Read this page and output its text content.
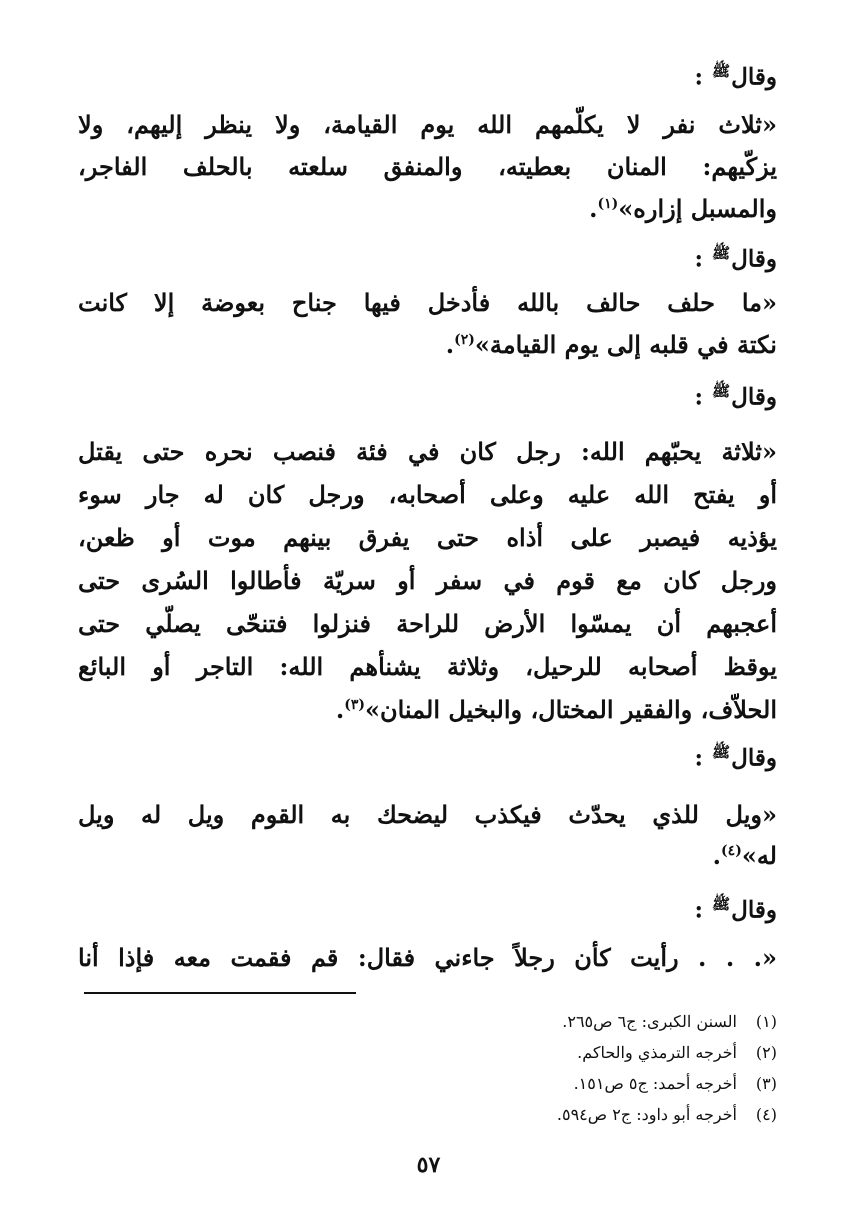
وقالﷺ :
«ثلاث نفر لا يكلّمهم الله يوم القيامة، ولا ينظر إليهم، ولا
يزكّيهم: المنان بعطيته، والمنفق سلعته بالحلف الفاجر،
والمسبل إزاره»$^{(١)}$.
وقالﷺ :
«ما حلف حالف بالله فأدخل فيها جناح بعوضة إلا كانت
نكتة في قلبه إلى يوم القيامة»$^{(٢)}$.
وقالﷺ :
«ثلاثة يحبّهم الله: رجل كان في فئة فنصب نحره حتى يقتل
أو يفتح الله عليه وعلى أصحابه، ورجل كان له جار سوء
يؤذيه فيصبر على أذاه حتى يفرق بينهم موت أو ظعن،
ورجل كان مع قوم في سفر أو سريّة فأطالوا السُرى حتى
أعجبهم أن يمسّوا الأرض للراحة فنزلوا فتنحّى يصلّي حتى
يوقظ أصحابه للرحيل، وثلاثة يشنأهم الله: التاجر أو البائع
الحلاّف، والفقير المختال، والبخيل المنان»$^{(٣)}$.
وقالﷺ :
«ويل للذي يحدّث فيكذب ليضحك به القوم ويل له ويل
له»$^{(٤)}$.
وقالﷺ :
«. . . رأيت كأن رجلاً جاءني فقال: قم فقمت معه فإذا أنا
(١)السنن الكبرى: ج٦ ص٢٦٥.
(٢)أخرجه الترمذي والحاكم.
(٣)أخرجه أحمد: ج٥ ص١٥١.
(٤)أخرجه أبو داود: ج٢ ص٥٩٤.
٥٧
